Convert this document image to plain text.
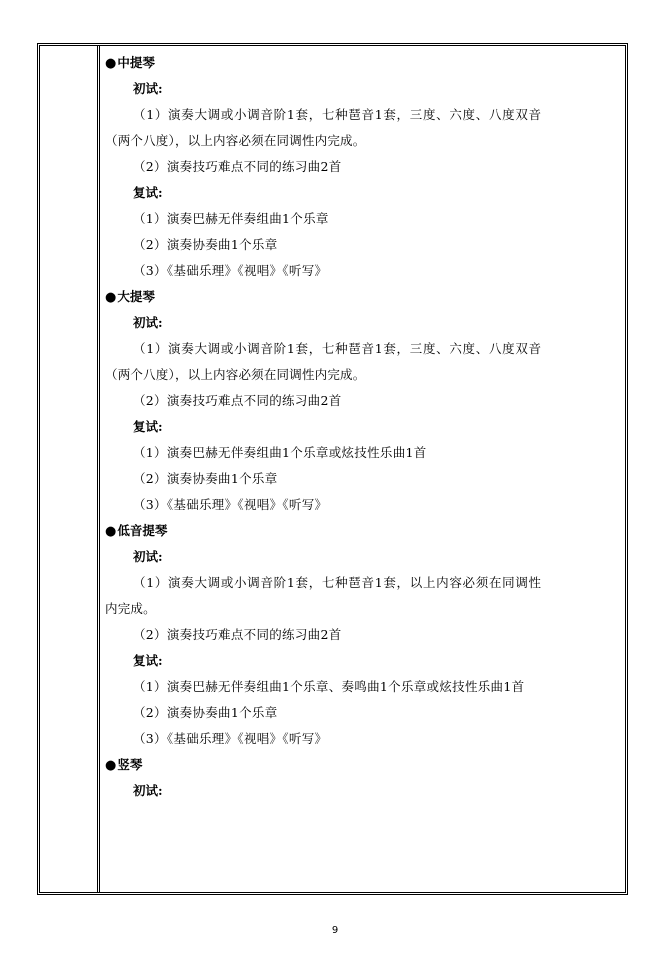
●中提琴
初试:
（1）演奏大调或小调音阶1套，七种琶音1套，三度、六度、八度双音
（两个八度），以上内容必须在同调性内完成。
（2）演奏技巧难点不同的练习曲2首
复试:
（1）演奏巴赫无伴奏组曲1个乐章
（2）演奏协奏曲1个乐章
（3）《基础乐理》《视唱》《听写》
●大提琴
初试:
（1）演奏大调或小调音阶1套，七种琶音1套，三度、六度、八度双音
（两个八度），以上内容必须在同调性内完成。
（2）演奏技巧难点不同的练习曲2首
复试:
（1）演奏巴赫无伴奏组曲1个乐章或炫技性乐曲1首
（2）演奏协奏曲1个乐章
（3）《基础乐理》《视唱》《听写》
●低音提琴
初试:
（1）演奏大调或小调音阶1套，七种琶音1套，以上内容必须在同调性
内完成。
（2）演奏技巧难点不同的练习曲2首
复试:
（1）演奏巴赫无伴奏组曲1个乐章、奏鸣曲1个乐章或炫技性乐曲1首
（2）演奏协奏曲1个乐章
（3）《基础乐理》《视唱》《听写》
●竖琴
初试:
9
